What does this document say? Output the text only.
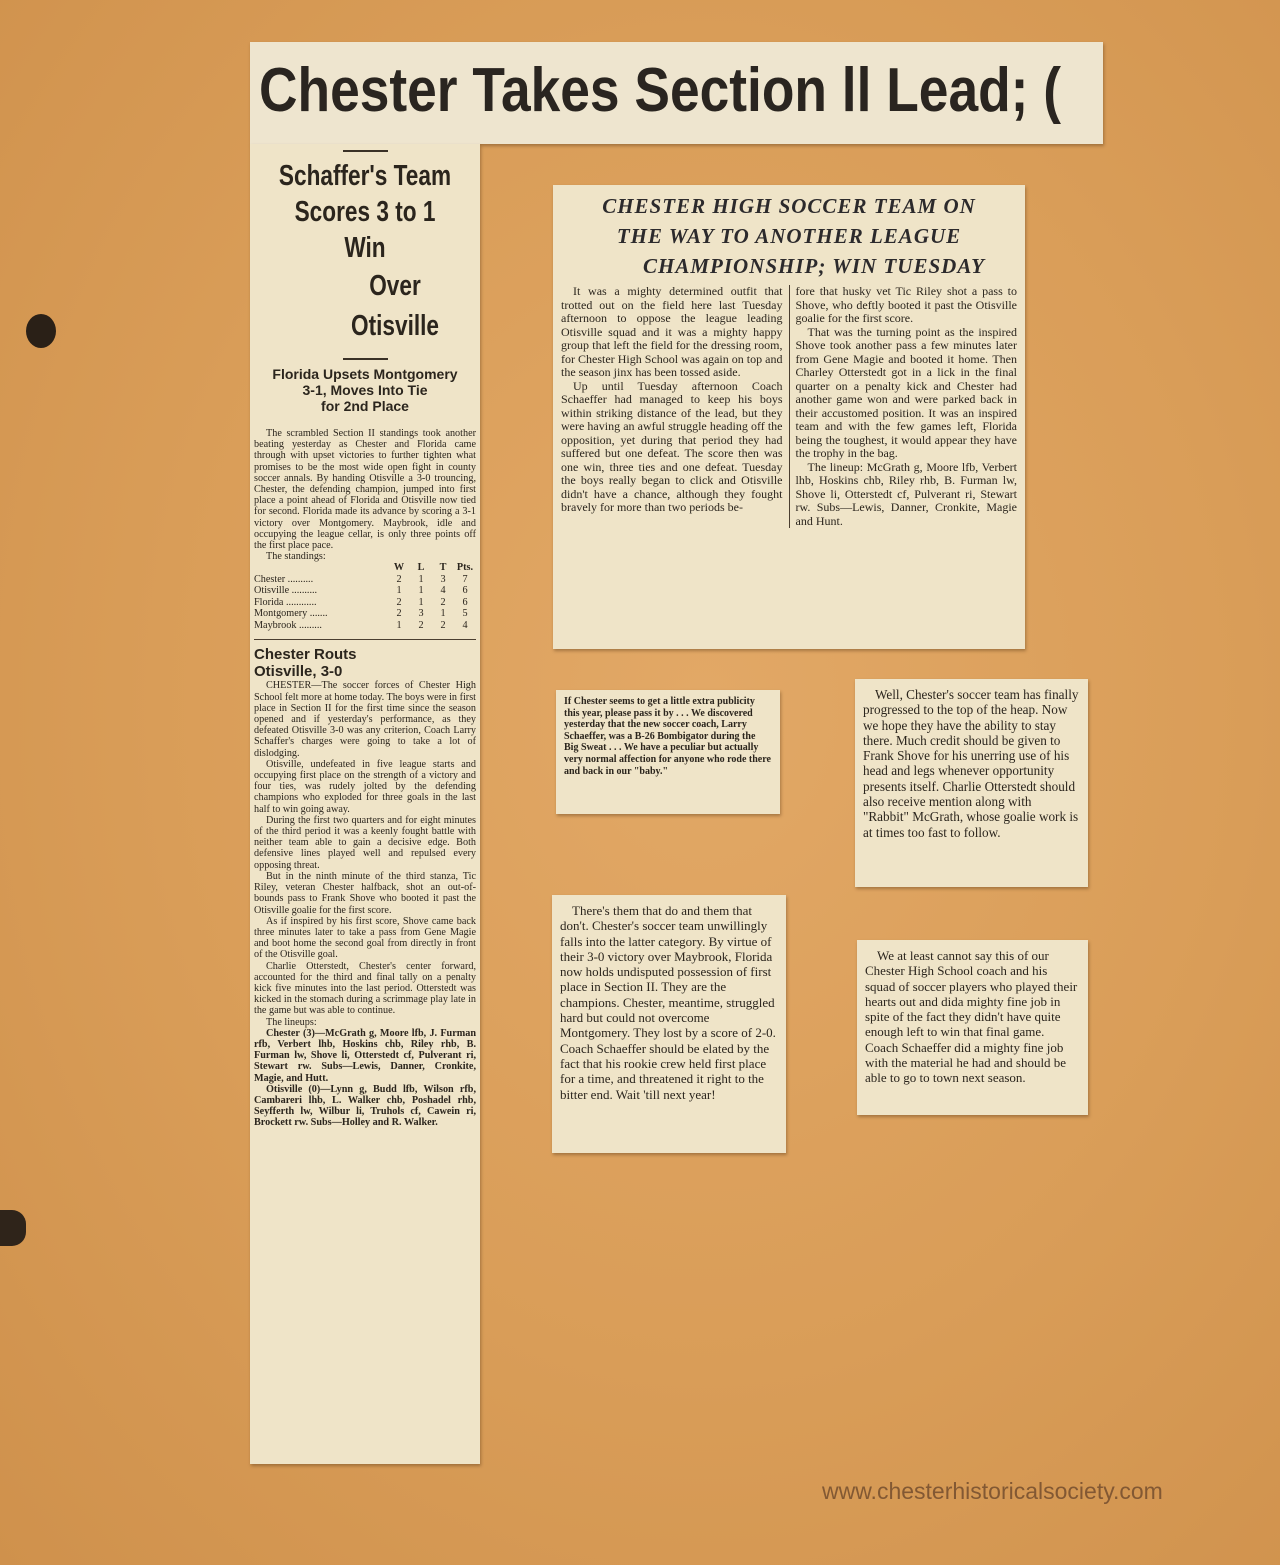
Chester Takes Section ll Lead; (
Schaffer's Team
Scores 3 to 1 Win
Over Otisville
Florida Upsets Montgomery
3-1, Moves Into Tie
for 2nd Place

The scrambled Section II standings took another beating yesterday as Chester and Florida came through with upset victories to further tighten what promises to be the most wide open fight in county soccer annals. By handing Otisville a 3-0 trouncing, Chester, the defending champion, jumped into first place a point ahead of Florida and Otisville now tied for second. Florida made its advance by scoring a 3-1 victory over Montgomery. Maybrook, idle and occupying the league cellar, is only three points off the first place pace.

The standings:

	W	L	T	Pts.
Chester ..........	2	1	3	7
Otisville ..........	1	1	4	6
Florida ............	2	1	2	6
Montgomery .......	2	3	1	5
Maybrook .........	1	2	2	4
Chester Routs
Otisville, 3-0

CHESTER—The soccer forces of Chester High School felt more at home today. The boys were in first place in Section II for the first time since the season opened and if yesterday's performance, as they defeated Otisville 3-0 was any criterion, Coach Larry Schaffer's charges were going to take a lot of dislodging.

Otisville, undefeated in five league starts and occupying first place on the strength of a victory and four ties, was rudely jolted by the defending champions who exploded for three goals in the last half to win going away.

During the first two quarters and for eight minutes of the third period it was a keenly fought battle with neither team able to gain a decisive edge. Both defensive lines played well and repulsed every opposing threat.

But in the ninth minute of the third stanza, Tic Riley, veteran Chester halfback, shot an out-of-bounds pass to Frank Shove who booted it past the Otisville goalie for the first score.

As if inspired by his first score, Shove came back three minutes later to take a pass from Gene Magie and boot home the second goal from directly in front of the Otisville goal.

Charlie Otterstedt, Chester's center forward, accounted for the third and final tally on a penalty kick five minutes into the last period. Otterstedt was kicked in the stomach during a scrimmage play late in the game but was able to continue.

The lineups:

Chester (3)—McGrath g, Moore lfb, J. Furman rfb, Verbert lhb, Hoskins chb, Riley rhb, B. Furman lw, Shove li, Otterstedt cf, Pulverant ri, Stewart rw. Subs—Lewis, Danner, Cronkite, Magie, and Hutt.

Otisville (0)—Lynn g, Budd lfb, Wilson rfb, Cambareri lhb, L. Walker chb, Poshadel rhb, Seyfferth lw, Wilbur li, Truhols cf, Cawein ri, Brockett rw. Subs—Holley and R. Walker.

CHESTER HIGH SOCCER TEAM ON
THE WAY TO ANOTHER LEAGUE
CHAMPIONSHIP; WIN TUESDAY

It was a mighty determined outfit that trotted out on the field here last Tuesday afternoon to oppose the league leading Otisville squad and it was a mighty happy group that left the field for the dressing room, for Chester High School was again on top and the season jinx has been tossed aside.

Up until Tuesday afternoon Coach Schaeffer had managed to keep his boys within striking distance of the lead, but they were having an awful struggle heading off the opposition, yet during that period they had suffered but one defeat. The score then was one win, three ties and one defeat. Tuesday the boys really began to click and Otisville didn't have a chance, although they fought bravely for more than two periods be-

fore that husky vet Tic Riley shot a pass to Shove, who deftly booted it past the Otisville goalie for the first score.

That was the turning point as the inspired Shove took another pass a few minutes later from Gene Magie and booted it home. Then Charley Otterstedt got in a lick in the final quarter on a penalty kick and Chester had another game won and were parked back in their accustomed position. It was an inspired team and with the few games left, Florida being the toughest, it would appear they have the trophy in the bag.

The lineup: McGrath g, Moore lfb, Verbert lhb, Hoskins chb, Riley rhb, B. Furman lw, Shove li, Otterstedt cf, Pulverant ri, Stewart rw. Subs—Lewis, Danner, Cronkite, Magie and Hunt.

If Chester seems to get a little extra publicity this year, please pass it by . . . We discovered yesterday that the new soccer coach, Larry Schaeffer, was a B-26 Bombigator during the Big Sweat . . . We have a peculiar but actually very normal affection for anyone who rode there and back in our "baby."

Well, Chester's soccer team has finally progressed to the top of the heap. Now we hope they have the ability to stay there. Much credit should be given to Frank Shove for his unerring use of his head and legs whenever opportunity presents itself. Charlie Otterstedt should also receive mention along with "Rabbit" McGrath, whose goalie work is at times too fast to follow.

There's them that do and them that don't. Chester's soccer team unwillingly falls into the latter category. By virtue of their 3-0 victory over Maybrook, Florida now holds undisputed possession of first place in Section II. They are the champions. Chester, meantime, struggled hard but could not overcome Montgomery. They lost by a score of 2-0. Coach Schaeffer should be elated by the fact that his rookie crew held first place for a time, and threatened it right to the bitter end. Wait 'till next year!

We at least cannot say this of our Chester High School coach and his squad of soccer players who played their hearts out and dida mighty fine job in spite of the fact they didn't have quite enough left to win that final game. Coach Schaeffer did a mighty fine job with the material he had and should be able to go to town next season.

www.chesterhistoricalsociety.com
